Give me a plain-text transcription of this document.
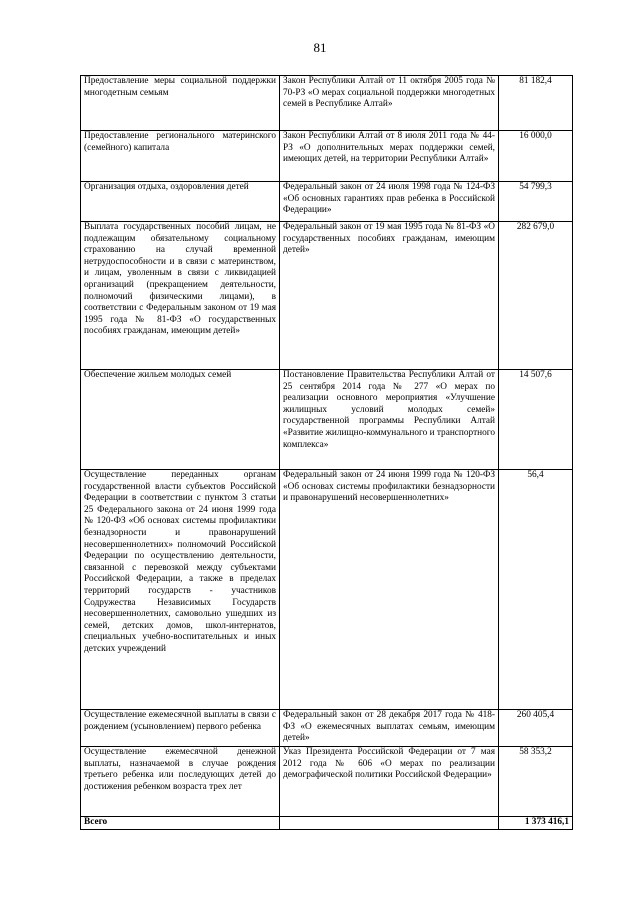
81
Предоставление меры социальной поддержки многодетным семьям	Закон Республики Алтай от 11 октября 2005 года № 70-РЗ «О мерах социальной поддержки многодетных семей в Республике Алтай»	81 182,4
Предоставление регионального материнского (семейного) капитала	Закон Республики Алтай от 8 июля 2011 года № 44-РЗ «О дополнительных мерах поддержки семей, имеющих детей, на территории Республики Алтай»	16 000,0
Организация отдыха, оздоровления детей	Федеральный закон от 24 июля 1998 года № 124-ФЗ «Об основных гарантиях прав ребенка в Российской Федерации»	54 799,3
Выплата государственных пособий лицам, не подлежащим обязательному социальному страхованию на случай временной нетрудоспособности и в связи с материнством, и лицам, уволенным в связи с ликвидацией организаций (прекращением деятельности, полномочий физическими лицами), в соответствии с Федеральным законом от 19 мая 1995 года № 81-ФЗ «О государственных пособиях гражданам, имеющим детей»	Федеральный закон от 19 мая 1995 года № 81-ФЗ «О государственных пособиях гражданам, имеющим детей»	282 679,0
Обеспечение жильем молодых семей	Постановление Правительства Республики Алтай от 25 сентября 2014 года № 277 «О мерах по реализации основного мероприятия «Улучшение жилищных условий молодых семей» государственной программы Республики Алтай «Развитие жилищно-коммунального и транспортного комплекса»	14 507,6
Осуществление переданных органам государственной власти субъектов Российской Федерации в соответствии с пунктом 3 статьи 25 Федерального закона от 24 июня 1999 года № 120-ФЗ «Об основах системы профилактики безнадзорности и правонарушений несовершеннолетних» полномочий Российской Федерации по осуществлению деятельности, связанной с перевозкой между субъектами Российской Федерации, а также в пределах территорий государств - участников Содружества Независимых Государств несовершеннолетних, самовольно ушедших из семей, детских домов, школ-интернатов, специальных учебно-воспитательных и иных детских учреждений	Федеральный закон от 24 июня 1999 года № 120-ФЗ «Об основах системы профилактики безнадзорности и правонарушений несовершеннолетних»	56,4
Осуществление ежемесячной выплаты в связи с рождением (усыновлением) первого ребенка	Федеральный закон от 28 декабря 2017 года № 418-ФЗ «О ежемесячных выплатах семьям, имеющим детей»	260 405,4
Осуществление ежемесячной денежной выплаты, назначаемой в случае рождения третьего ребенка или последующих детей до достижения ребенком возраста трех лет	Указ Президента Российской Федерации от 7 мая 2012 года № 606 «О мерах по реализации демографической политики Российской Федерации»	58 353,2
Всего		1 373 416,1
